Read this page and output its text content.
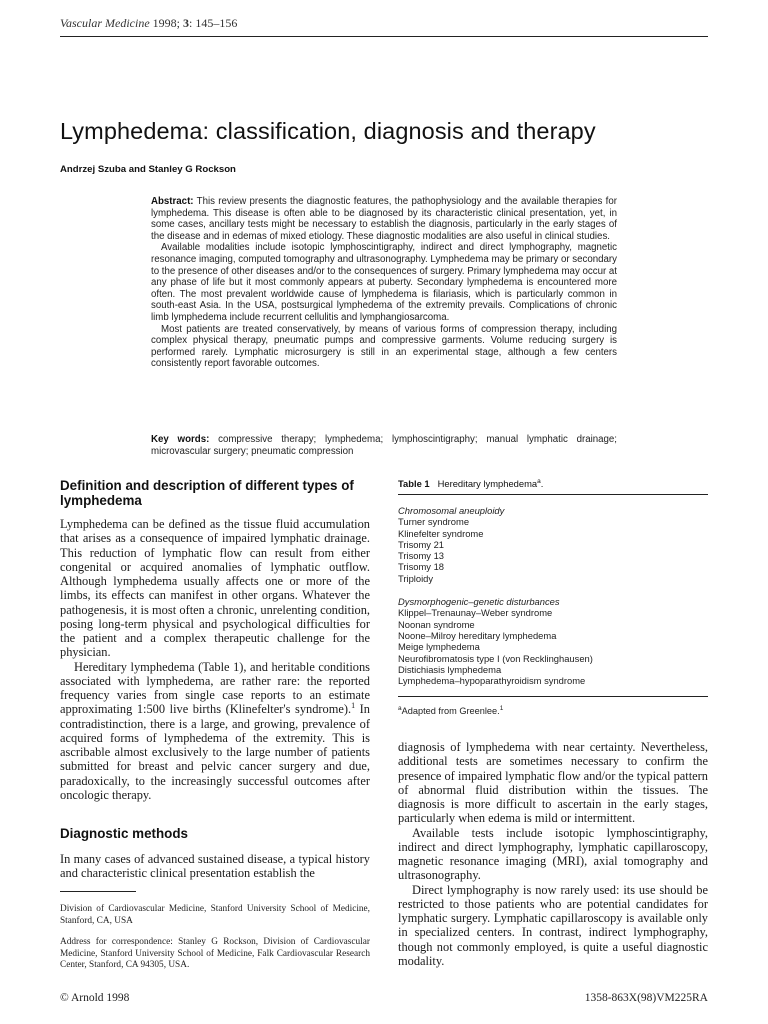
Vascular Medicine 1998; 3: 145–156
Lymphedema: classification, diagnosis and therapy
Andrzej Szuba and Stanley G Rockson

Abstract: This review presents the diagnostic features, the pathophysiology and the available therapies for lymphedema. This disease is often able to be diagnosed by its characteristic clinical presentation, yet, in some cases, ancillary tests might be necessary to establish the diagnosis, particularly in the early stages of the disease and in edemas of mixed etiology. These diagnostic modalities are also useful in clinical studies.

Available modalities include isotopic lymphoscintigraphy, indirect and direct lymphography, magnetic resonance imaging, computed tomography and ultrasonography. Lymphedema may be primary or secondary to the presence of other diseases and/or to the consequences of surgery. Primary lymphedema may occur at any phase of life but it most commonly appears at puberty. Secondary lymphedema is encountered more often. The most prevalent worldwide cause of lymphedema is filariasis, which is particularly common in south-east Asia. In the USA, postsurgical lymphedema of the extremity prevails. Complications of chronic limb lymphedema include recurrent cellulitis and lymphangiosarcoma.

Most patients are treated conservatively, by means of various forms of compression therapy, including complex physical therapy, pneumatic pumps and compressive garments. Volume reducing surgery is performed rarely. Lymphatic microsurgery is still in an experimental stage, although a few centers consistently report favorable outcomes.

Key words: compressive therapy; lymphedema; lymphoscintigraphy; manual lymphatic drainage; microvascular surgery; pneumatic compression
Definition and description of different types of lymphedema

Lymphedema can be defined as the tissue fluid accumulation that arises as a consequence of impaired lymphatic drainage. This reduction of lymphatic flow can result from either congenital or acquired anomalies of lymphatic outflow. Although lymphedema usually affects one or more of the limbs, its effects can manifest in other organs. Whatever the pathogenesis, it is most often a chronic, unrelenting condition, posing long-term physical and psychological difficulties for the patient and a complex therapeutic challenge for the physician.

Hereditary lymphedema (Table 1), and heritable conditions associated with lymphedema, are rather rare: the reported frequency varies from single case reports to an estimate approximating 1:500 live births (Klinefelter's syndrome).$^1$ In contradistinction, there is a large, and growing, prevalence of acquired forms of lymphedema of the extremity. This is ascribable almost exclusively to the large number of patients submitted for breast and pelvic cancer surgery and due, paradoxically, to the increasingly successful outcomes after oncologic therapy.

Diagnostic methods

In many cases of advanced sustained disease, a typical history and characteristic clinical presentation establish the

Division of Cardiovascular Medicine, Stanford University School of Medicine, Stanford, CA, USA
Address for correspondence: Stanley G Rockson, Division of Cardiovascular Medicine, Stanford University School of Medicine, Falk Cardiovascular Research Center, Stanford, CA 94305, USA.
Table 1 Hereditary lymphedema$^a$.

Chromosomal aneuploidy

Turner syndrome

Klinefelter syndrome

Trisomy 21

Trisomy 13

Trisomy 18

Triploidy

Dysmorphogenic–genetic disturbances

Klippel–Trenaunay–Weber syndrome

Noonan syndrome

Noone–Milroy hereditary lymphedema

Meige lymphedema

Neurofibromatosis type I (von Recklinghausen)

Distichiasis lymphedema

Lymphedema–hypoparathyroidism syndrome

$^a$Adapted from Greenlee.$^1$

diagnosis of lymphedema with near certainty. Nevertheless, additional tests are sometimes necessary to confirm the presence of impaired lymphatic flow and/or the typical pattern of abnormal fluid distribution within the tissues. The diagnosis is more difficult to ascertain in the early stages, particularly when edema is mild or intermittent.

Available tests include isotopic lymphoscintigraphy, indirect and direct lymphography, lymphatic capillaroscopy, magnetic resonance imaging (MRI), axial tomography and ultrasonography.

Direct lymphography is now rarely used: its use should be restricted to those patients who are potential candidates for lymphatic surgery. Lymphatic capillaroscopy is available only in specialized centers. In contrast, indirect lymphography, though not commonly employed, is quite a useful diagnostic modality.

© Arnold 1998	1358-863X(98)VM225RA
